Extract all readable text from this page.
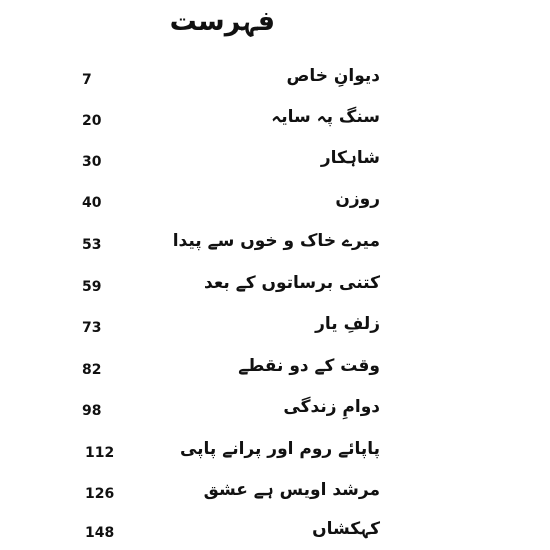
فہرست
دیوانِ خاص
7
سنگ پہ سایہ
20
شاہکار
30
روزن
40
میرے خاک و خوں سے پیدا
53
کتنی برساتوں کے بعد
59
زلفِ یار
73
وقت کے دو نقطے
82
دوامِ زندگی
98
پاپائے روم اور پرانے پاپی
112
مرشد اویس ہے عشق
126
کہکشاں
148
